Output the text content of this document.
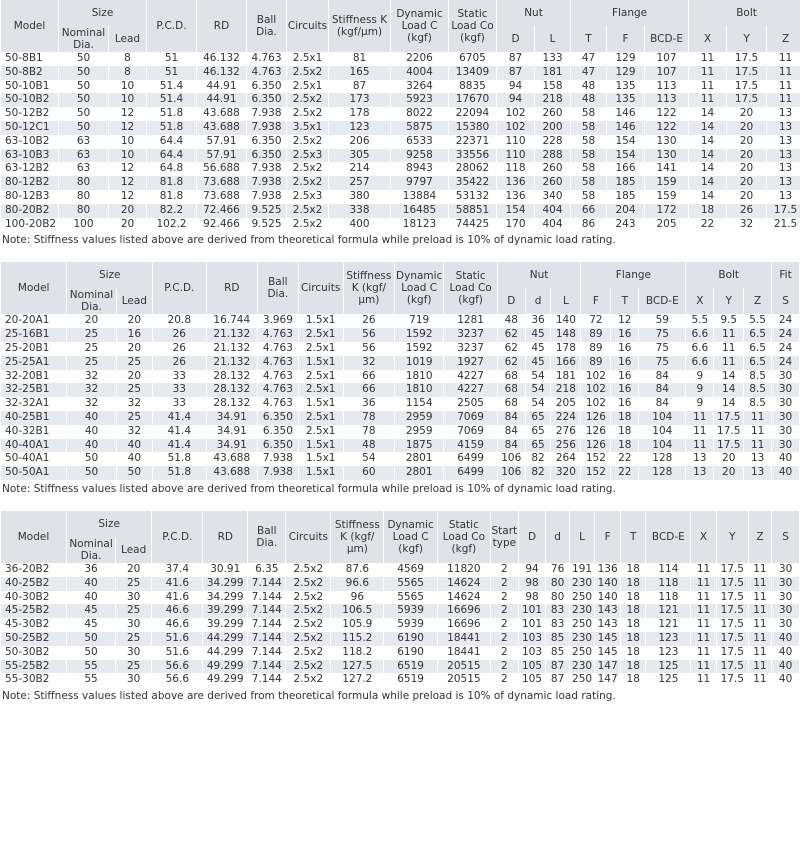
Model	Size		P.C.D.	RD	Ball Dia.	Circuits	Stiffness K (kgf/μm)	Dynamic Load C (kgf)	Static Load Co (kgf)	Nut		Flange			Bolt		
	Nominal Dia.	Lead								D	L	T	F	BCD-E	X	Y	Z
50-8B1	50	8	51	46.132	4.763	2.5x1	81	2206	6705	87	133	47	129	107	11	17.5	11
50-8B2	50	8	51	46.132	4.763	2.5x2	165	4004	13409	87	181	47	129	107	11	17.5	11
50-10B1	50	10	51.4	44.91	6.350	2.5x1	87	3264	8835	94	158	48	135	113	11	17.5	11
50-10B2	50	10	51.4	44.91	6.350	2.5x2	173	5923	17670	94	218	48	135	113	11	17.5	11
50-12B2	50	12	51.8	43.688	7.938	2.5x2	178	8022	22094	102	260	58	146	122	14	20	13
50-12C1	50	12	51.8	43.688	7.938	3.5x1	123	5875	15380	102	200	58	146	122	14	20	13
63-10B2	63	10	64.4	57.91	6.350	2.5x2	206	6533	22371	110	228	58	154	130	14	20	13
63-10B3	63	10	64.4	57.91	6.350	2.5x3	305	9258	33556	110	288	58	154	130	14	20	13
63-12B2	63	12	64.8	56.688	7.938	2.5x2	214	8943	28062	118	260	58	166	141	14	20	13
80-12B2	80	12	81.8	73.688	7.938	2.5x2	257	9797	35422	136	260	58	185	159	14	20	13
80-12B3	80	12	81.8	73.688	7.938	2.5x3	380	13884	53132	136	340	58	185	159	14	20	13
80-20B2	80	20	82.2	72.466	9.525	2.5x2	338	16485	58851	154	404	66	204	172	18	26	17.5
100-20B2	100	20	102.2	92.466	9.525	2.5x2	400	18123	74425	170	404	86	243	205	22	32	21.5
Note: Stiffness values listed above are derived from theoretical formula while preload is 10% of dynamic load rating.
Model	Size		P.C.D.	RD	Ball Dia.	Circuits	Stiffness K (kgf/μm)	Dynamic Load C (kgf)	Static Load Co (kgf)	Nut			Flange			Bolt			Fit
	Nominal Dia.	Lead								D	d	L	F	T	BCD-E	X	Y	Z	S
20-20A1	20	20	20.8	16.744	3.969	1.5x1	26	719	1281	48	36	140	72	12	59	5.5	9.5	5.5	24
25-16B1	25	16	26	21.132	4.763	2.5x1	56	1592	3237	62	45	148	89	16	75	6.6	11	6.5	24
25-20B1	25	20	26	21.132	4.763	2.5x1	56	1592	3237	62	45	178	89	16	75	6.6	11	6.5	24
25-25A1	25	25	26	21.132	4.763	1.5x1	32	1019	1927	62	45	166	89	16	75	6.6	11	6.5	24
32-20B1	32	20	33	28.132	4.763	2.5x1	66	1810	4227	68	54	181	102	16	84	9	14	8.5	30
32-25B1	32	25	33	28.132	4.763	2.5x1	66	1810	4227	68	54	218	102	16	84	9	14	8.5	30
32-32A1	32	32	33	28.132	4.763	1.5x1	36	1154	2505	68	54	205	102	16	84	9	14	8.5	30
40-25B1	40	25	41.4	34.91	6.350	2.5x1	78	2959	7069	84	65	224	126	18	104	11	17.5	11	30
40-32B1	40	32	41.4	34.91	6.350	2.5x1	78	2959	7069	84	65	276	126	18	104	11	17.5	11	30
40-40A1	40	40	41.4	34.91	6.350	1.5x1	48	1875	4159	84	65	256	126	18	104	11	17.5	11	30
50-40A1	50	40	51.8	43.688	7.938	1.5x1	54	2801	6499	106	82	264	152	22	128	13	20	13	40
50-50A1	50	50	51.8	43.688	7.938	1.5x1	60	2801	6499	106	82	320	152	22	128	13	20	13	40
Note: Stiffness values listed above are derived from theoretical formula while preload is 10% of dynamic load rating.
Model	Size		P.C.D.	RD	Ball Dia.	Circuits	Stiffness K (kgf/μm)	Dynamic Load C (kgf)	Static Load Co (kgf)	Start type	D	d	L	F	T	BCD-E	X	Y	Z	S
	Nominal Dia.	Lead																		
36-20B2	36	20	37.4	30.91	6.35	2.5x2	87.6	4569	11820	2	94	76	191	136	18	114	11	17.5	11	30
40-25B2	40	25	41.6	34.299	7.144	2.5x2	96.6	5565	14624	2	98	80	230	140	18	118	11	17.5	11	30
40-30B2	40	30	41.6	34.299	7.144	2.5x2	96	5565	14624	2	98	80	250	140	18	118	11	17.5	11	30
45-25B2	45	25	46.6	39.299	7.144	2.5x2	106.5	5939	16696	2	101	83	230	143	18	121	11	17.5	11	30
45-30B2	45	30	46.6	39.299	7.144	2.5x2	105.9	5939	16696	2	101	83	250	143	18	121	11	17.5	11	30
50-25B2	50	25	51.6	44.299	7.144	2.5x2	115.2	6190	18441	2	103	85	230	145	18	123	11	17.5	11	40
50-30B2	50	30	51.6	44.299	7.144	2.5x2	118.2	6190	18441	2	103	85	250	145	18	123	11	17.5	11	40
55-25B2	55	25	56.6	49.299	7.144	2.5x2	127.5	6519	20515	2	105	87	230	147	18	125	11	17.5	11	40
55-30B2	55	30	56.6	49.299	7.144	2.5x2	127.2	6519	20515	2	105	87	250	147	18	125	11	17.5	11	40
Note: Stiffness values listed above are derived from theoretical formula while preload is 10% of dynamic load rating.
